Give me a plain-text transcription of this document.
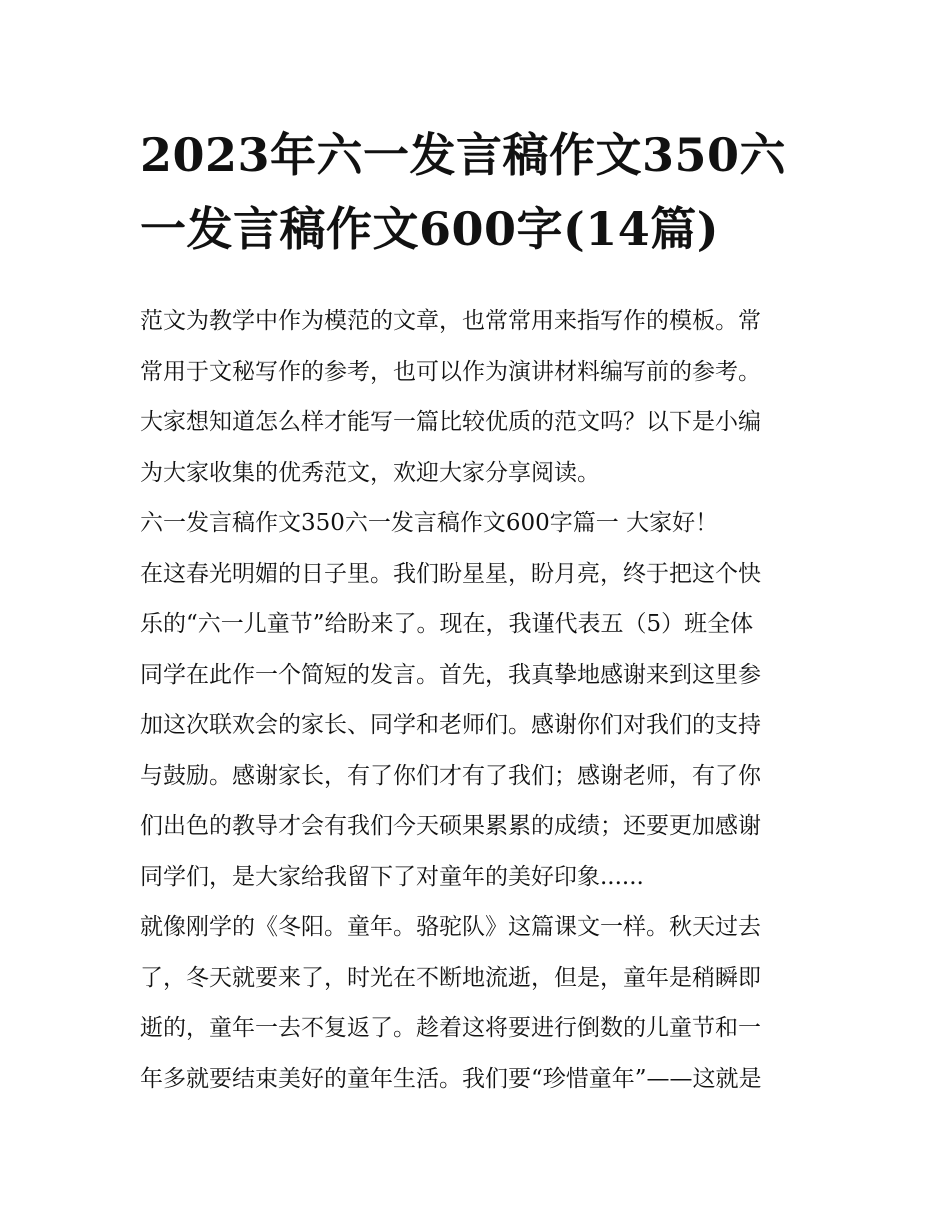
2023年六一发言稿作文350六
一发言稿作文600字(14篇)
范文为教学中作为模范的文章，也常常用来指写作的模板。常
常用于文秘写作的参考，也可以作为演讲材料编写前的参考。
大家想知道怎么样才能写一篇比较优质的范文吗？以下是小编
为大家收集的优秀范文，欢迎大家分享阅读。
六一发言稿作文350六一发言稿作文600字篇一 大家好！
在这春光明媚的日子里。我们盼星星，盼月亮，终于把这个快
乐的“六一儿童节”给盼来了。现在，我谨代表五（5）班全体
同学在此作一个简短的发言。首先，我真挚地感谢来到这里参
加这次联欢会的家长、同学和老师们。感谢你们对我们的支持
与鼓励。感谢家长，有了你们才有了我们；感谢老师，有了你
们出色的教导才会有我们今天硕果累累的成绩；还要更加感谢
同学们，是大家给我留下了对童年的美好印象......
就像刚学的《冬阳。童年。骆驼队》这篇课文一样。秋天过去
了，冬天就要来了，时光在不断地流逝，但是，童年是稍瞬即
逝的，童年一去不复返了。趁着这将要进行倒数的儿童节和一
年多就要结束美好的童年生活。我们要“珍惜童年”——这就是
